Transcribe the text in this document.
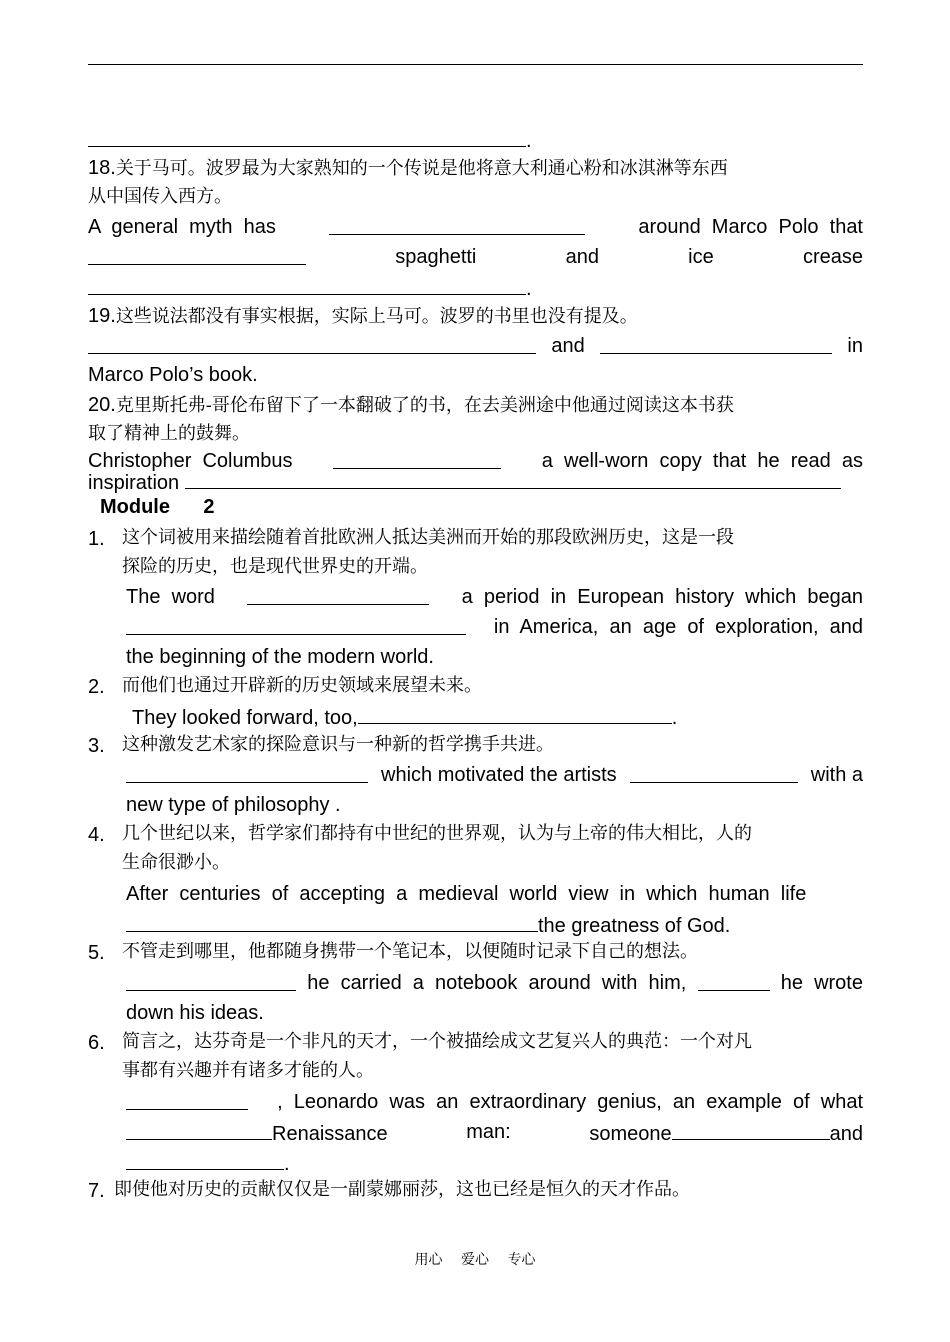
.
18.关于马可。波罗最为大家熟知的一个传说是他将意大利通心粉和冰淇淋等东西
从中国传入西方。
A  general  myth  has	around  Marco  Polo  that
spaghetti	and	ice	crease
.
19.这些说法都没有事实根据，实际上马可。波罗的书里也没有提及。
and	in
Marco Polo’s book.
20.克里斯托弗-哥伦布留下了一本翻破了的书，在去美洲途中他通过阅读这本书获
取了精神上的鼓舞。
Christopher  Columbus	a  well-worn  copy  that  he  read  as
inspiration
Module      2
1. 这个词被用来描绘随着首批欧洲人抵达美洲而开始的那段欧洲历史，这是一段
探险的历史，也是现代世界史的开端。
The  word	a  period  in  European  history  which  began
in  America,  an  age  of  exploration,  and
the beginning of the modern world.
2. 而他们也通过开辟新的历史领域来展望未来。
They looked forward, too,	.
3. 这种激发艺术家的探险意识与一种新的哲学携手共进。
which motivated the artists	with a
new type of philosophy .
4. 几个世纪以来，哲学家们都持有中世纪的世界观，认为与上帝的伟大相比，人的
生命很渺小。
After  centuries  of  accepting  a  medieval  world  view  in  which  human  life
the greatness of God.
5. 不管走到哪里，他都随身携带一个笔记本，以便随时记录下自己的想法。
he  carried  a  notebook  around  with  him,	he  wrote
down his ideas.
6. 简言之，达芬奇是一个非凡的天才，一个被描绘成文艺复兴人的典范：一个对凡
事都有兴趣并有诸多才能的人。
,  Leonardo  was  an  extraordinary  genius,  an  example  of  what
Renaissance	man:	someone	and
.
7. 即使他对历史的贡献仅仅是一副蒙娜丽莎，这也已经是恒久的天才作品。
用心 爱心 专心
